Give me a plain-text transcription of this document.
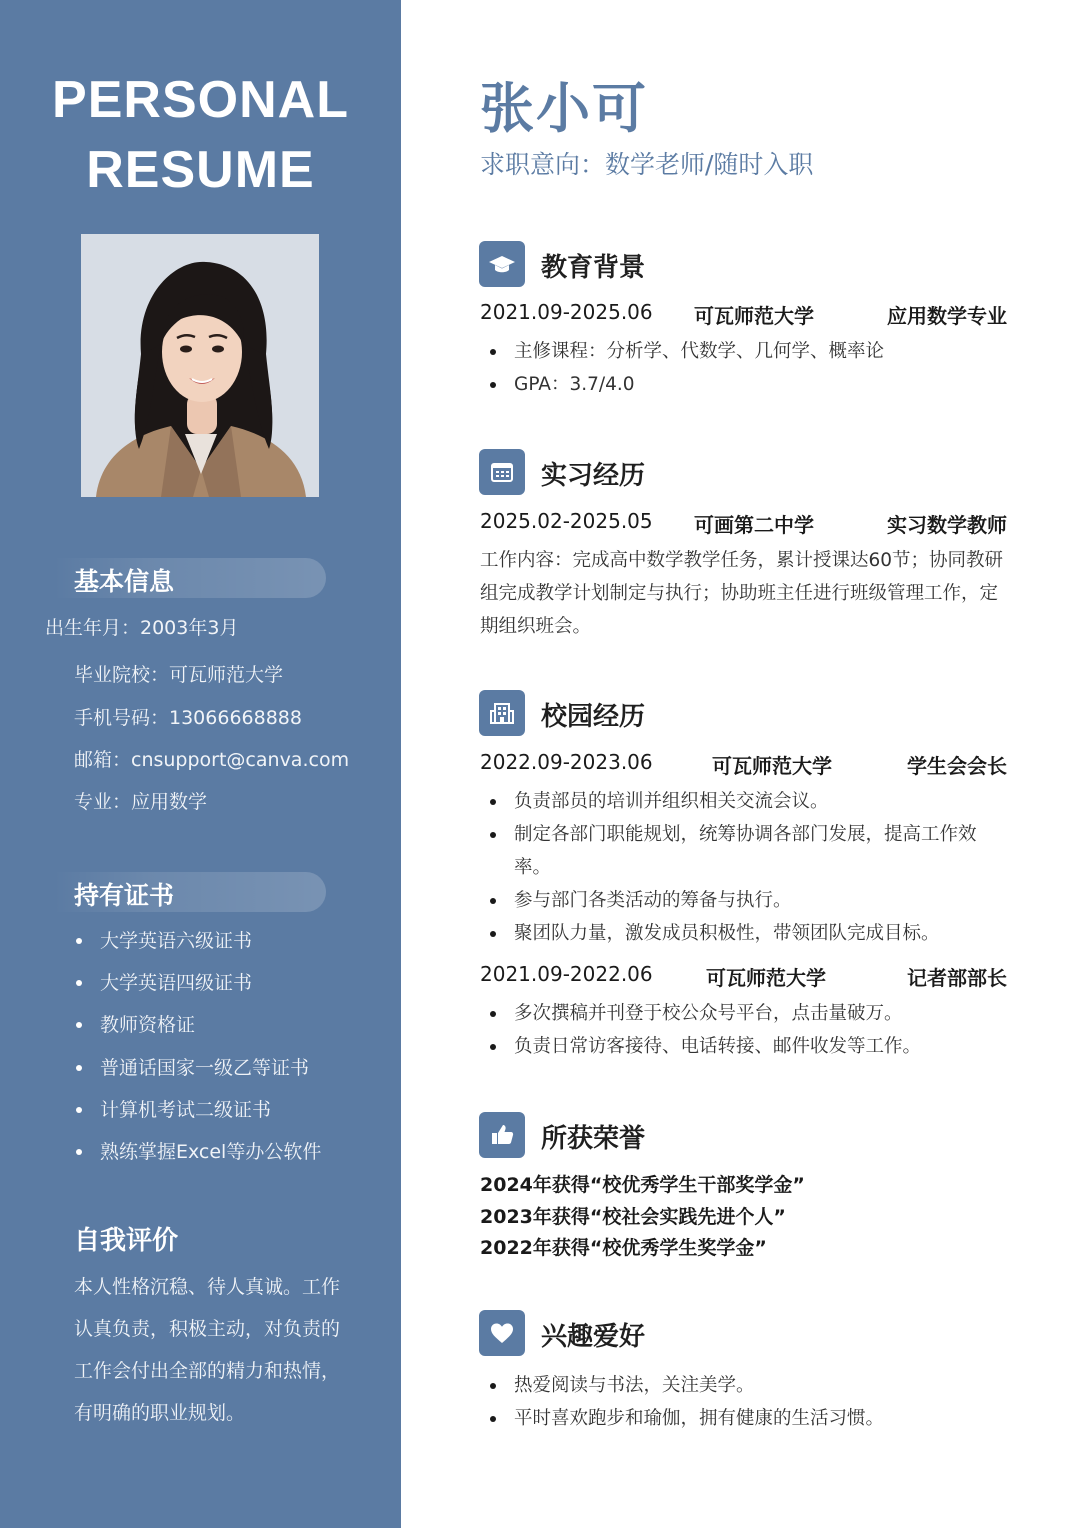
PERSONAL
RESUME
基本信息
出生年月：2003年3月
毕业院校：可瓦师范大学
手机号码：13066668888
邮箱：cnsupport@canva.com
专业：应用数学
持有证书
大学英语六级证书
大学英语四级证书
教师资格证
普通话国家一级乙等证书
计算机考试二级证书
熟练掌握Excel等办公软件
自我评价
本人性格沉稳、待人真诚。工作认真负责，积极主动，对负责的工作会付出全部的精力和热情，有明确的职业规划。
张小可
求职意向：数学老师/随时入职
教育背景
2021.09-2025.06 可瓦师范大学	应用数学专业
主修课程：分析学、代数学、几何学、概率论
GPA：3.7/4.0
实习经历
2025.02-2025.05 可画第二中学	实习数学教师
工作内容：完成高中数学教学任务，累计授课达60节；协同教研组完成教学计划制定与执行；协助班主任进行班级管理工作，定期组织班会。
校园经历
2022.09-2023.06	可瓦师范大学	学生会会长
负责部员的培训并组织相关交流会议。
制定各部门职能规划，统筹协调各部门发展，提高工作效率。
参与部门各类活动的筹备与执行。
聚团队力量，激发成员积极性，带领团队完成目标。
2021.09-2022.06	可瓦师范大学	记者部部长
多次撰稿并刊登于校公众号平台，点击量破万。
负责日常访客接待、电话转接、邮件收发等工作。
所获荣誉
2024年获得“校优秀学生干部奖学金”
2023年获得“校社会实践先进个人”
2022年获得“校优秀学生奖学金”
兴趣爱好
热爱阅读与书法，关注美学。
平时喜欢跑步和瑜伽，拥有健康的生活习惯。
